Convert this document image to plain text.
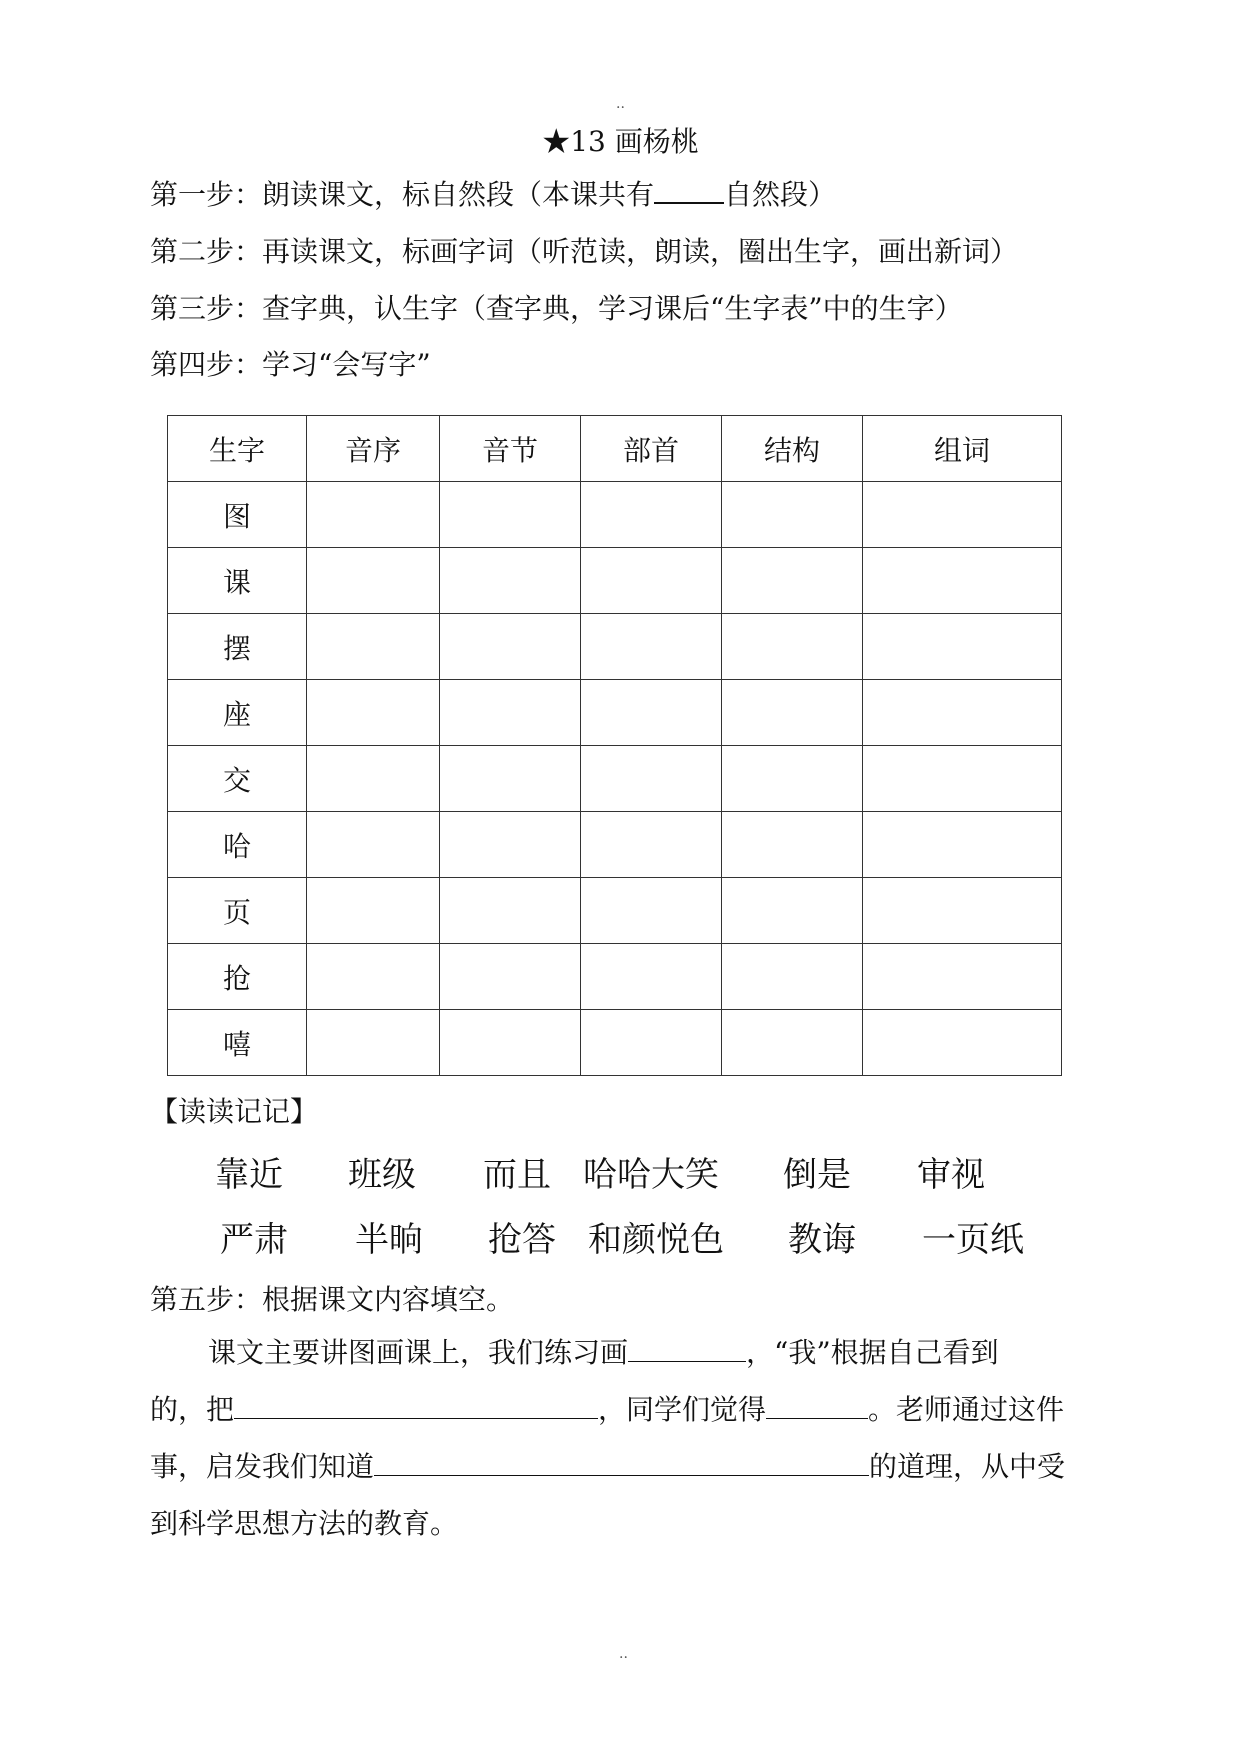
..
★13 画杨桃
第一步：朗读课文，标自然段（本课共有	自然段）
第二步：再读课文，标画字词（听范读，朗读，圈出生字，画出新词）
第三步：查字典，认生字（查字典，学习课后“生字表”中的生字）
第四步：学习“会写字”
生字	音序	音节	部首	结构	组词
图					
课					
摆					
座					
交					
哈					
页					
抢					
嘻					
【读读记记】
靠近 班级 而且 哈哈大笑 倒是 审视
严肃 半晌 抢答 和颜悦色 教诲 一页纸
第五步：根据课文内容填空。
课文主要讲图画课上，我们练习画	，“我”根据自己看到
的，把	，同学们觉得	。老师通过这件
事，启发我们知道	的道理，从中受
到科学思想方法的教育。
..
